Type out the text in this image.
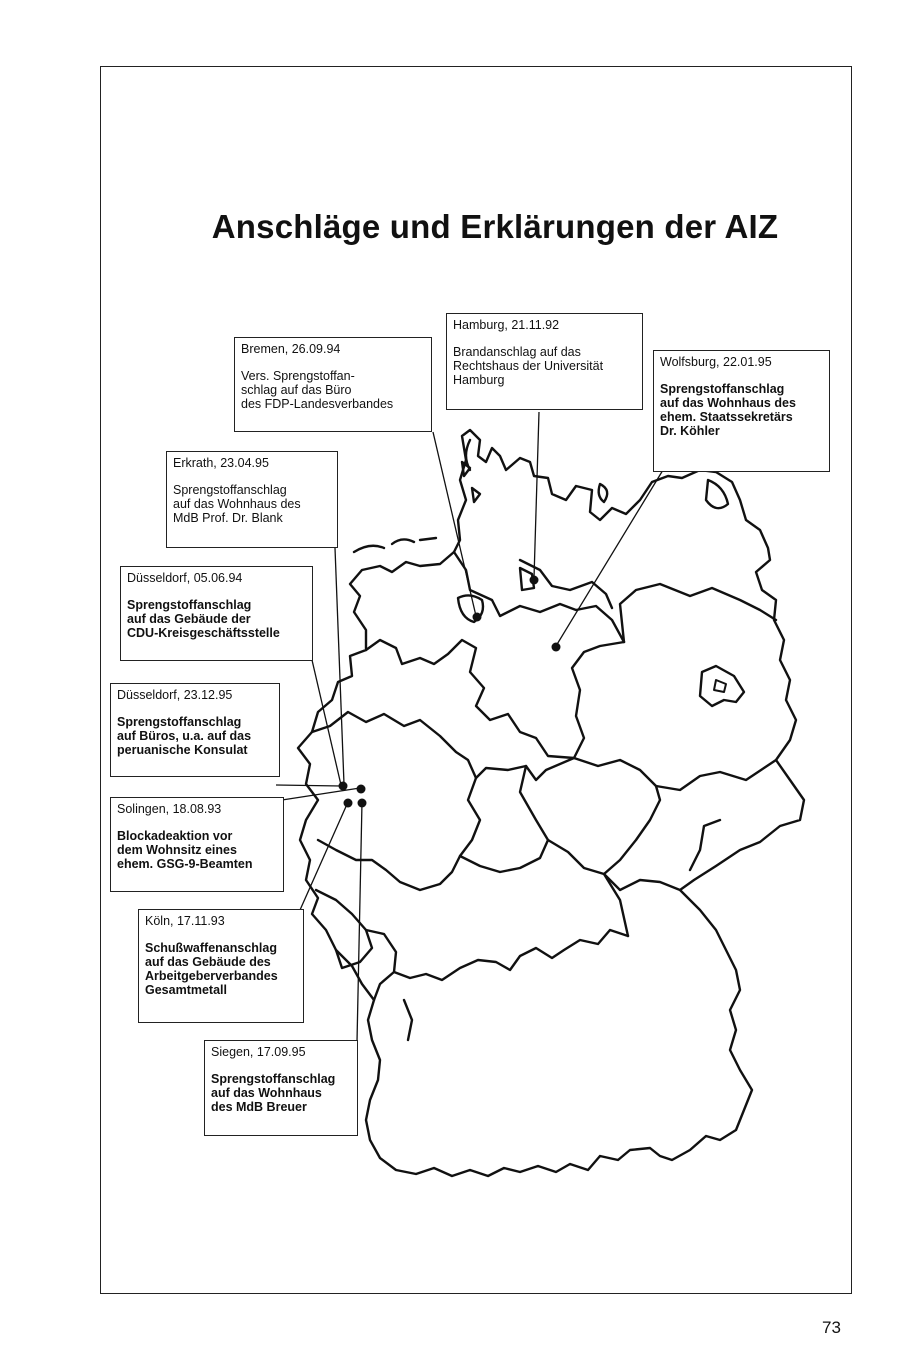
Anschläge und Erklärungen der AIZ
Hamburg, 21.11.92
Brandanschlag auf das
Rechtshaus der Universität
Hamburg
Bremen, 26.09.94
Vers. Sprengstoffan-
schlag auf das Büro
des FDP-Landesverbandes
Wolfsburg, 22.01.95
Sprengstoffanschlag
auf das Wohnhaus des
ehem. Staatssekretärs
Dr. Köhler
Erkrath, 23.04.95
Sprengstoffanschlag
auf das Wohnhaus des
MdB Prof. Dr. Blank
Düsseldorf, 05.06.94
Sprengstoffanschlag
auf das Gebäude der
CDU-Kreisgeschäftsstelle
Düsseldorf, 23.12.95
Sprengstoffanschlag
auf Büros, u.a. auf das
peruanische Konsulat
Solingen, 18.08.93
Blockadeaktion vor
dem Wohnsitz eines
ehem. GSG-9-Beamten
Köln, 17.11.93
Schußwaffenanschlag
auf das Gebäude des
Arbeitgeberverbandes
Gesamtmetall
Siegen, 17.09.95
Sprengstoffanschlag
auf das Wohnhaus
des MdB Breuer
73
